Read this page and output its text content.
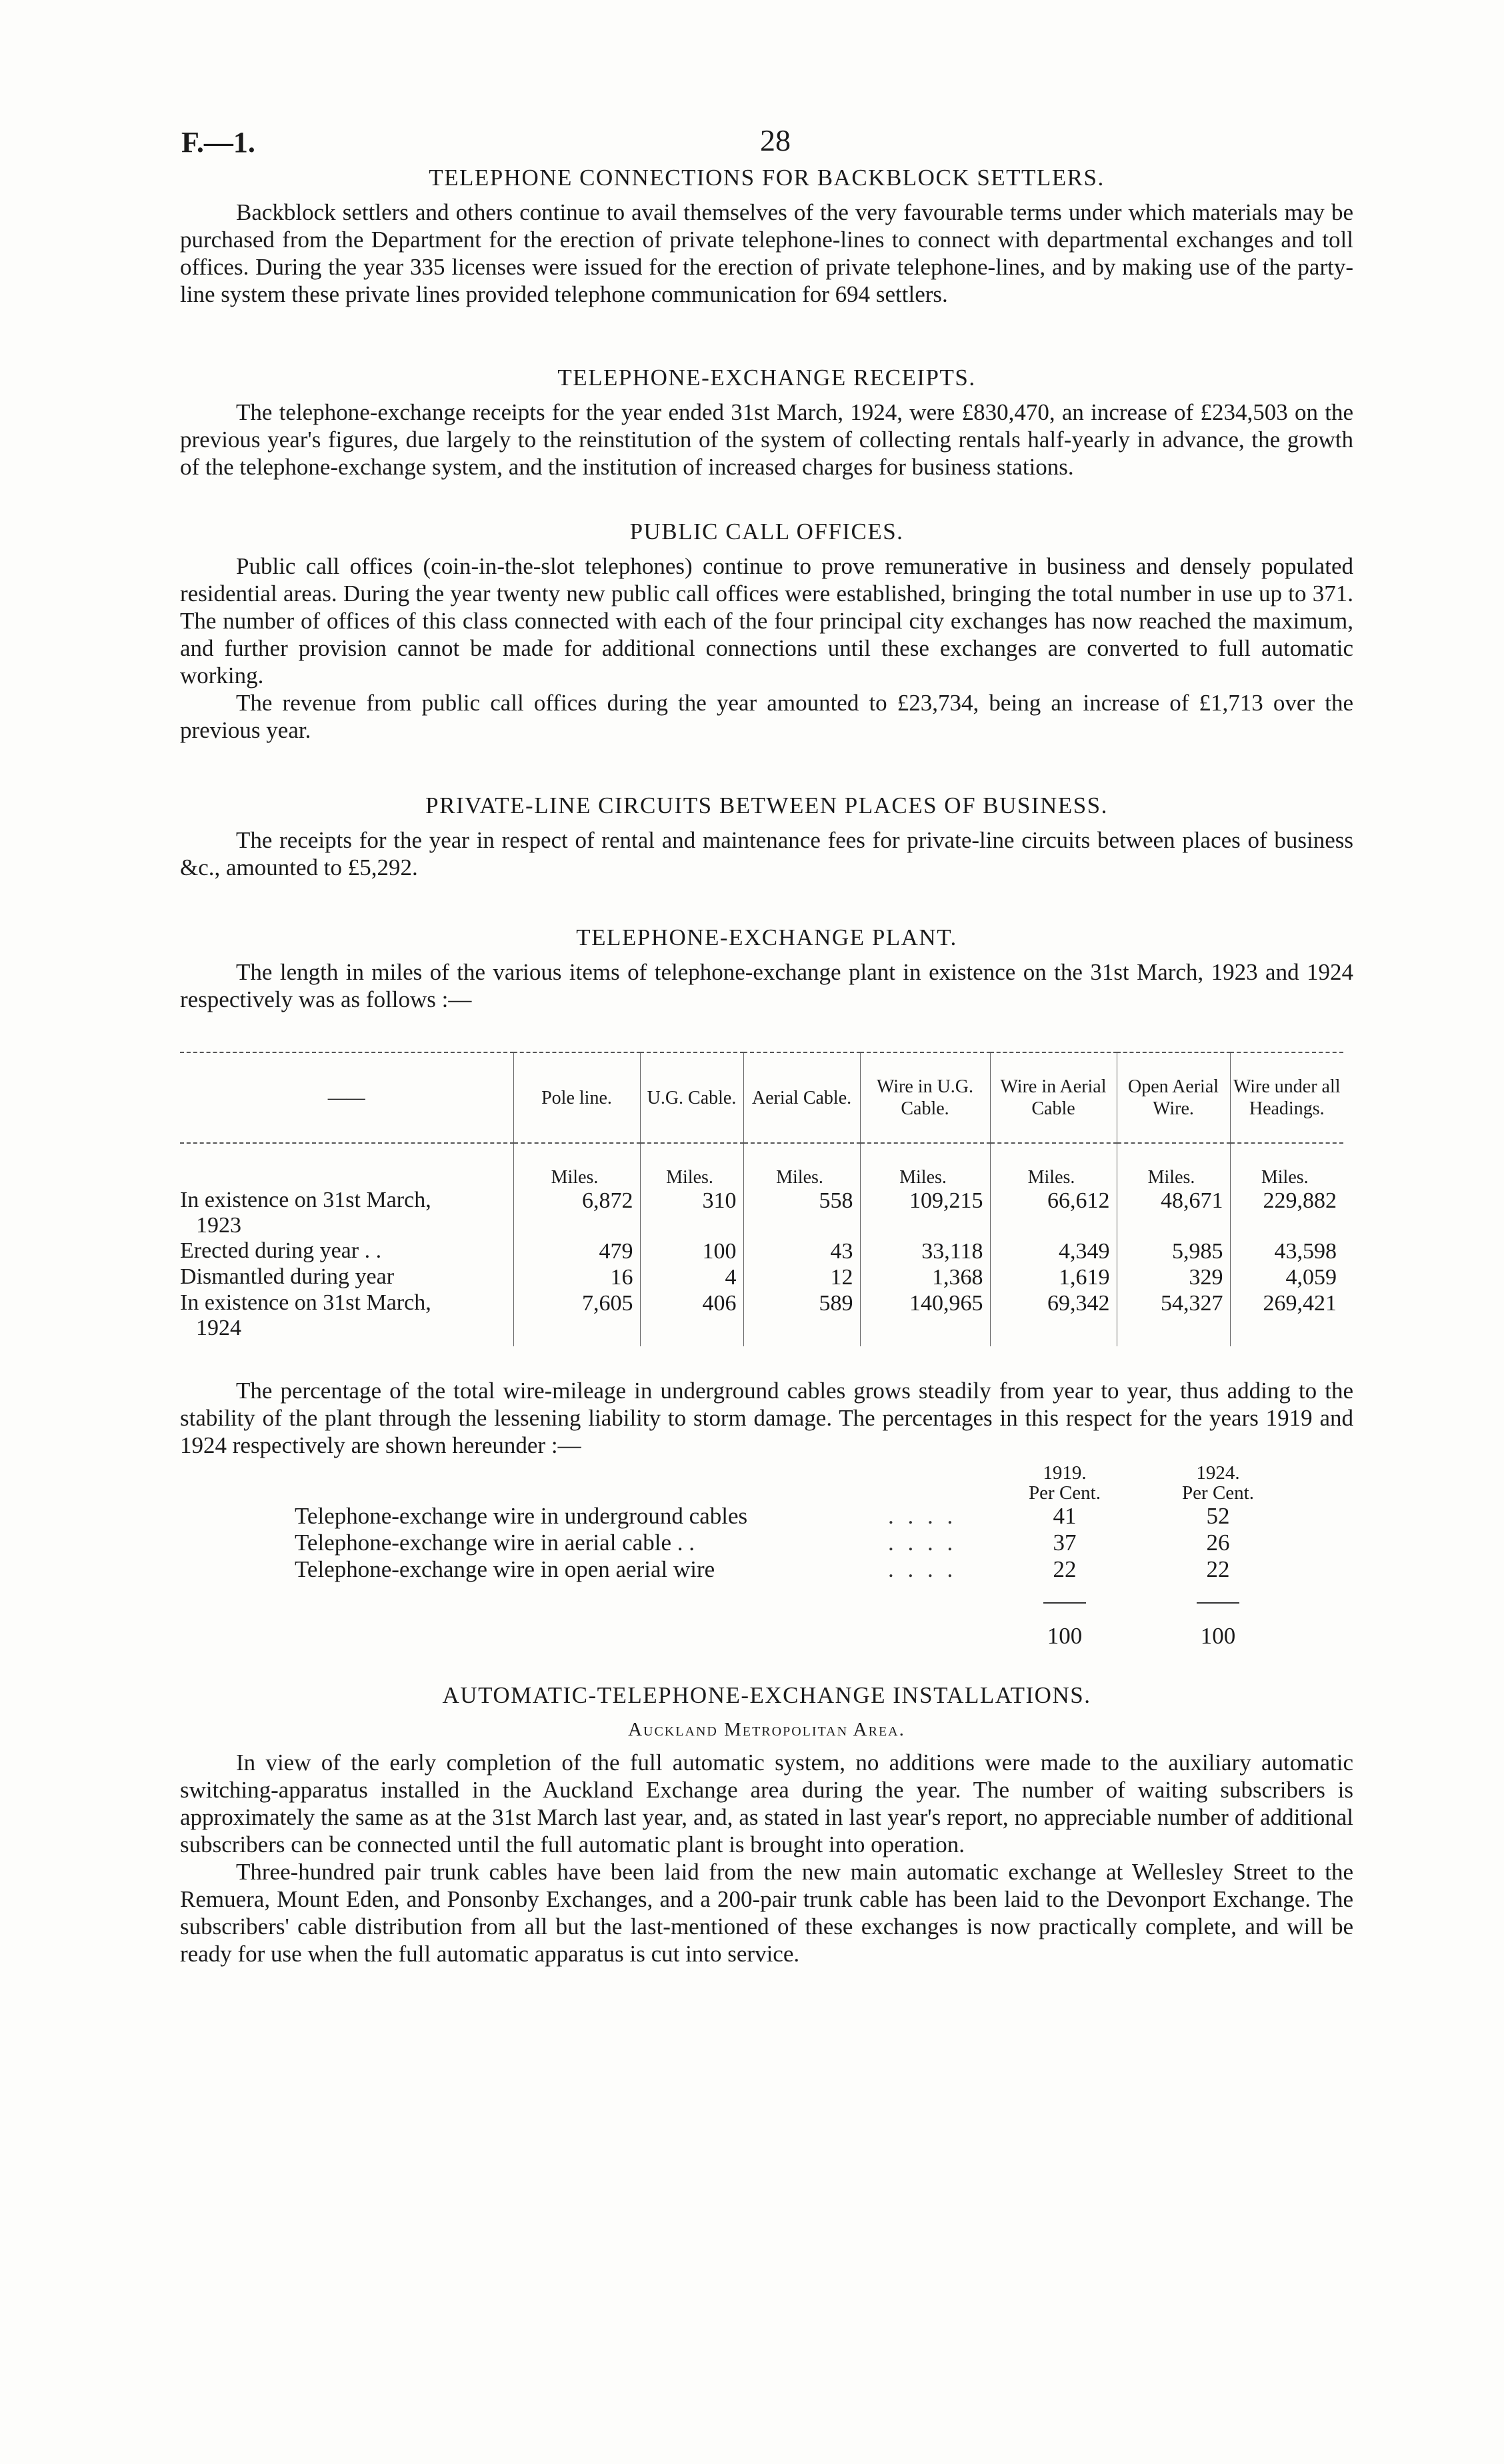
F.—1.	28
TELEPHONE CONNECTIONS FOR BACKBLOCK SETTLERS.

Backblock settlers and others continue to avail themselves of the very favourable terms under which materials may be purchased from the Department for the erection of private telephone-lines to connect with departmental exchanges and toll offices. During the year 335 licenses were issued for the erection of private telephone-lines, and by making use of the party-line system these private lines provided telephone communication for 694 settlers.

TELEPHONE-EXCHANGE RECEIPTS.

The telephone-exchange receipts for the year ended 31st March, 1924, were £830,470, an increase of £234,503 on the previous year's figures, due largely to the reinstitution of the system of collecting rentals half-yearly in advance, the growth of the telephone-exchange system, and the institution of increased charges for business stations.

PUBLIC CALL OFFICES.

Public call offices (coin-in-the-slot telephones) continue to prove remunerative in business and densely populated residential areas. During the year twenty new public call offices were established, bringing the total number in use up to 371. The number of offices of this class connected with each of the four principal city exchanges has now reached the maximum, and further provision cannot be made for additional connections until these exchanges are converted to full automatic working.

The revenue from public call offices during the year amounted to £23,734, being an increase of £1,713 over the previous year.

PRIVATE-LINE CIRCUITS BETWEEN PLACES OF BUSINESS.

The receipts for the year in respect of rental and maintenance fees for private-line circuits between places of business &c., amounted to £5,292.

TELEPHONE-EXCHANGE PLANT.

The length in miles of the various items of telephone-exchange plant in existence on the 31st March, 1923 and 1924 respectively was as follows :—

——	Pole line.	U.G. Cable.	Aerial Cable.	Wire in U.G. Cable.	Wire in Aerial Cable	Open Aerial Wire.	Wire under all Headings.
	Miles.	Miles.	Miles.	Miles.	Miles.	Miles.	Miles.
In existence on 31st March,
1923	6,872	310	558	109,215	66,612	48,671	229,882
Erected during year . .	479	100	43	33,118	4,349	5,985	43,598
Dismantled during year	16	4	12	1,368	1,619	329	4,059
In existence on 31st March,
1924	7,605	406	589	140,965	69,342	54,327	269,421

The percentage of the total wire-mileage in underground cables grows steadily from year to year, thus adding to the stability of the plant through the lessening liability to storm damage. The percentages in this respect for the years 1919 and 1924 respectively are shown hereunder :—

		1919.	1924.
		Per Cent.	Per Cent.
Telephone-exchange wire in underground cables	. . . .	41	52
Telephone-exchange wire in aerial cable . .	. . . .	37	26
Telephone-exchange wire in open aerial wire	. . . .	22	22

		100	100
AUTOMATIC-TELEPHONE-EXCHANGE INSTALLATIONS.
Auckland Metropolitan Area.

In view of the early completion of the full automatic system, no additions were made to the auxiliary automatic switching-apparatus installed in the Auckland Exchange area during the year. The number of waiting subscribers is approximately the same as at the 31st March last year, and, as stated in last year's report, no appreciable number of additional subscribers can be connected until the full automatic plant is brought into operation.

Three-hundred pair trunk cables have been laid from the new main automatic exchange at Wellesley Street to the Remuera, Mount Eden, and Ponsonby Exchanges, and a 200-pair trunk cable has been laid to the Devonport Exchange. The subscribers' cable distribution from all but the last-mentioned of these exchanges is now practically complete, and will be ready for use when the full automatic apparatus is cut into service.
